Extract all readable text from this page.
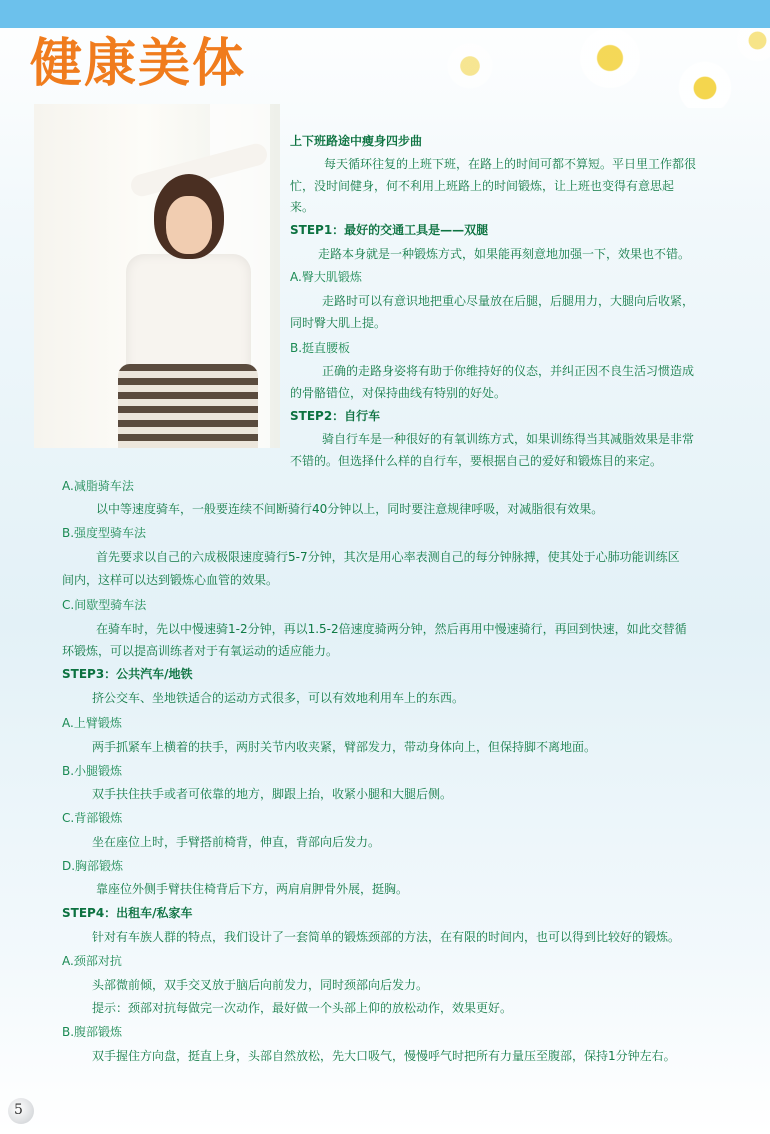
健康美体

上下班路途中瘦身四步曲

每天循环往复的上班下班，在路上的时间可都不算短。平日里工作都很

忙，没时间健身，何不利用上班路上的时间锻炼，让上班也变得有意思起

来。

STEP1：最好的交通工具是——双腿

走路本身就是一种锻炼方式，如果能再刻意地加强一下，效果也不错。

A.臀大肌锻炼

走路时可以有意识地把重心尽量放在后腿，后腿用力，大腿向后收紧，

同时臀大肌上提。

B.挺直腰板

正确的走路身姿将有助于你维持好的仪态，并纠正因不良生活习惯造成

的骨骼错位，对保持曲线有特别的好处。

STEP2：自行车

骑自行车是一种很好的有氧训练方式，如果训练得当其减脂效果是非常

不错的。但选择什么样的自行车，要根据自己的爱好和锻炼目的来定。

A.减脂骑车法

以中等速度骑车，一般要连续不间断骑行40分钟以上，同时要注意规律呼吸，对减脂很有效果。

B.强度型骑车法

首先要求以自己的六成极限速度骑行5-7分钟，其次是用心率表测自己的每分钟脉搏，使其处于心肺功能训练区

间内，这样可以达到锻炼心血管的效果。

C.间歇型骑车法

在骑车时，先以中慢速骑1-2分钟，再以1.5-2倍速度骑两分钟，然后再用中慢速骑行，再回到快速，如此交替循

环锻炼，可以提高训练者对于有氧运动的适应能力。

STEP3：公共汽车/地铁

挤公交车、坐地铁适合的运动方式很多，可以有效地利用车上的东西。

A.上臂锻炼

两手抓紧车上横着的扶手，两肘关节内收夹紧，臂部发力，带动身体向上，但保持脚不离地面。

B.小腿锻炼

双手扶住扶手或者可依靠的地方，脚跟上抬，收紧小腿和大腿后侧。

C.背部锻炼

坐在座位上时，手臂搭前椅背，伸直，背部向后发力。

D.胸部锻炼

靠座位外侧手臂扶住椅背后下方，两肩肩胛骨外展，挺胸。

STEP4：出租车/私家车

针对有车族人群的特点，我们设计了一套简单的锻炼颈部的方法，在有限的时间内，也可以得到比较好的锻炼。

A.颈部对抗

头部微前倾，双手交叉放于脑后向前发力，同时颈部向后发力。

提示：颈部对抗每做完一次动作，最好做一个头部上仰的放松动作，效果更好。

B.腹部锻炼

双手握住方向盘，挺直上身，头部自然放松，先大口吸气，慢慢呼气时把所有力量压至腹部，保持1分钟左右。

5
